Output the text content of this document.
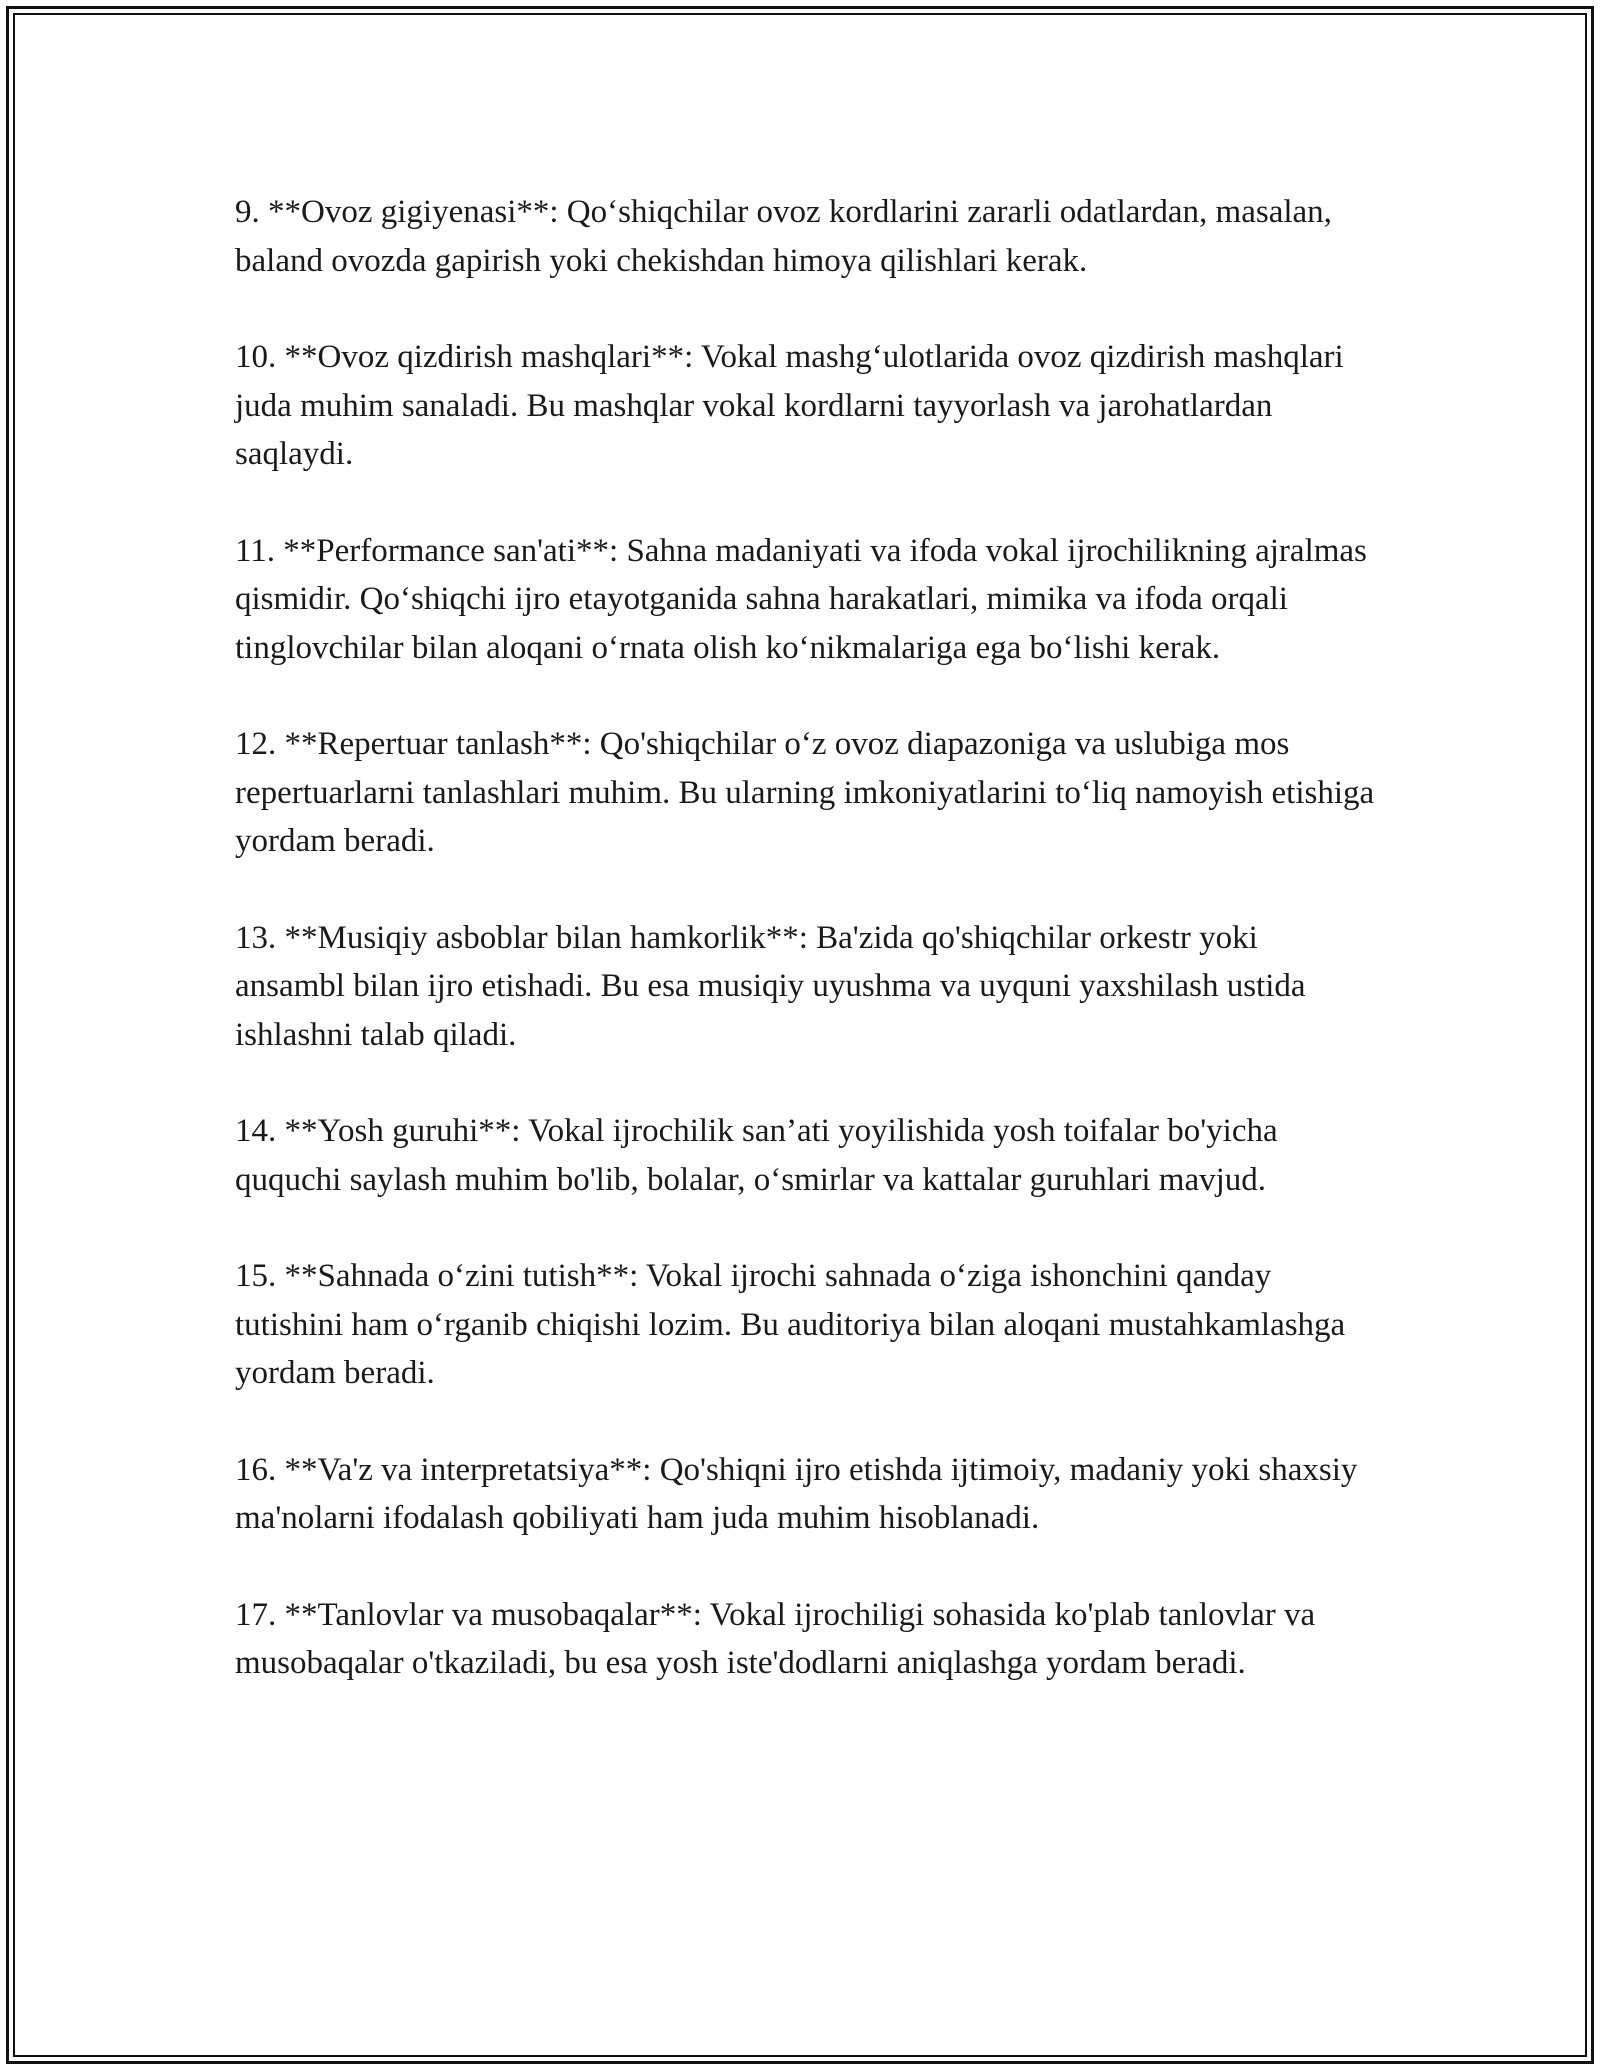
9. **Ovoz gigiyenasi**: Qo‘shiqchilar ovoz kordlarini zararli odatlardan, masalan, baland ovozda gapirish yoki chekishdan himoya qilishlari kerak.

10. **Ovoz qizdirish mashqlari**: Vokal mashg‘ulotlarida ovoz qizdirish mashqlari juda muhim sanaladi. Bu mashqlar vokal kordlarni tayyorlash va jarohatlardan saqlaydi.

11. **Performance san'ati**: Sahna madaniyati va ifoda vokal ijrochilikning ajralmas qismidir. Qo‘shiqchi ijro etayotganida sahna harakatlari, mimika va ifoda orqali tinglovchilar bilan aloqani o‘rnata olish ko‘nikmalariga ega bo‘lishi kerak.

12. **Repertuar tanlash**: Qo'shiqchilar o‘z ovoz diapazoniga va uslubiga mos repertuarlarni tanlashlari muhim. Bu ularning imkoniyatlarini to‘liq namoyish etishiga yordam beradi.

13. **Musiqiy asboblar bilan hamkorlik**: Ba'zida qo'shiqchilar orkestr yoki ansambl bilan ijro etishadi. Bu esa musiqiy uyushma va uyquni yaxshilash ustida ishlashni talab qiladi.

14. **Yosh guruhi**: Vokal ijrochilik san’ati yoyilishida yosh toifalar bo'yicha ququchi saylash muhim bo'lib, bolalar, o‘smirlar va kattalar guruhlari mavjud.

15. **Sahnada o‘zini tutish**: Vokal ijrochi sahnada o‘ziga ishonchini qanday tutishini ham o‘rganib chiqishi lozim. Bu auditoriya bilan aloqani mustahkamlashga yordam beradi.

16. **Va'z va interpretatsiya**: Qo'shiqni ijro etishda ijtimoiy, madaniy yoki shaxsiy ma'nolarni ifodalash qobiliyati ham juda muhim hisoblanadi.

17. **Tanlovlar va musobaqalar**: Vokal ijrochiligi sohasida ko'plab tanlovlar va musobaqalar o'tkaziladi, bu esa yosh iste'dodlarni aniqlashga yordam beradi.
